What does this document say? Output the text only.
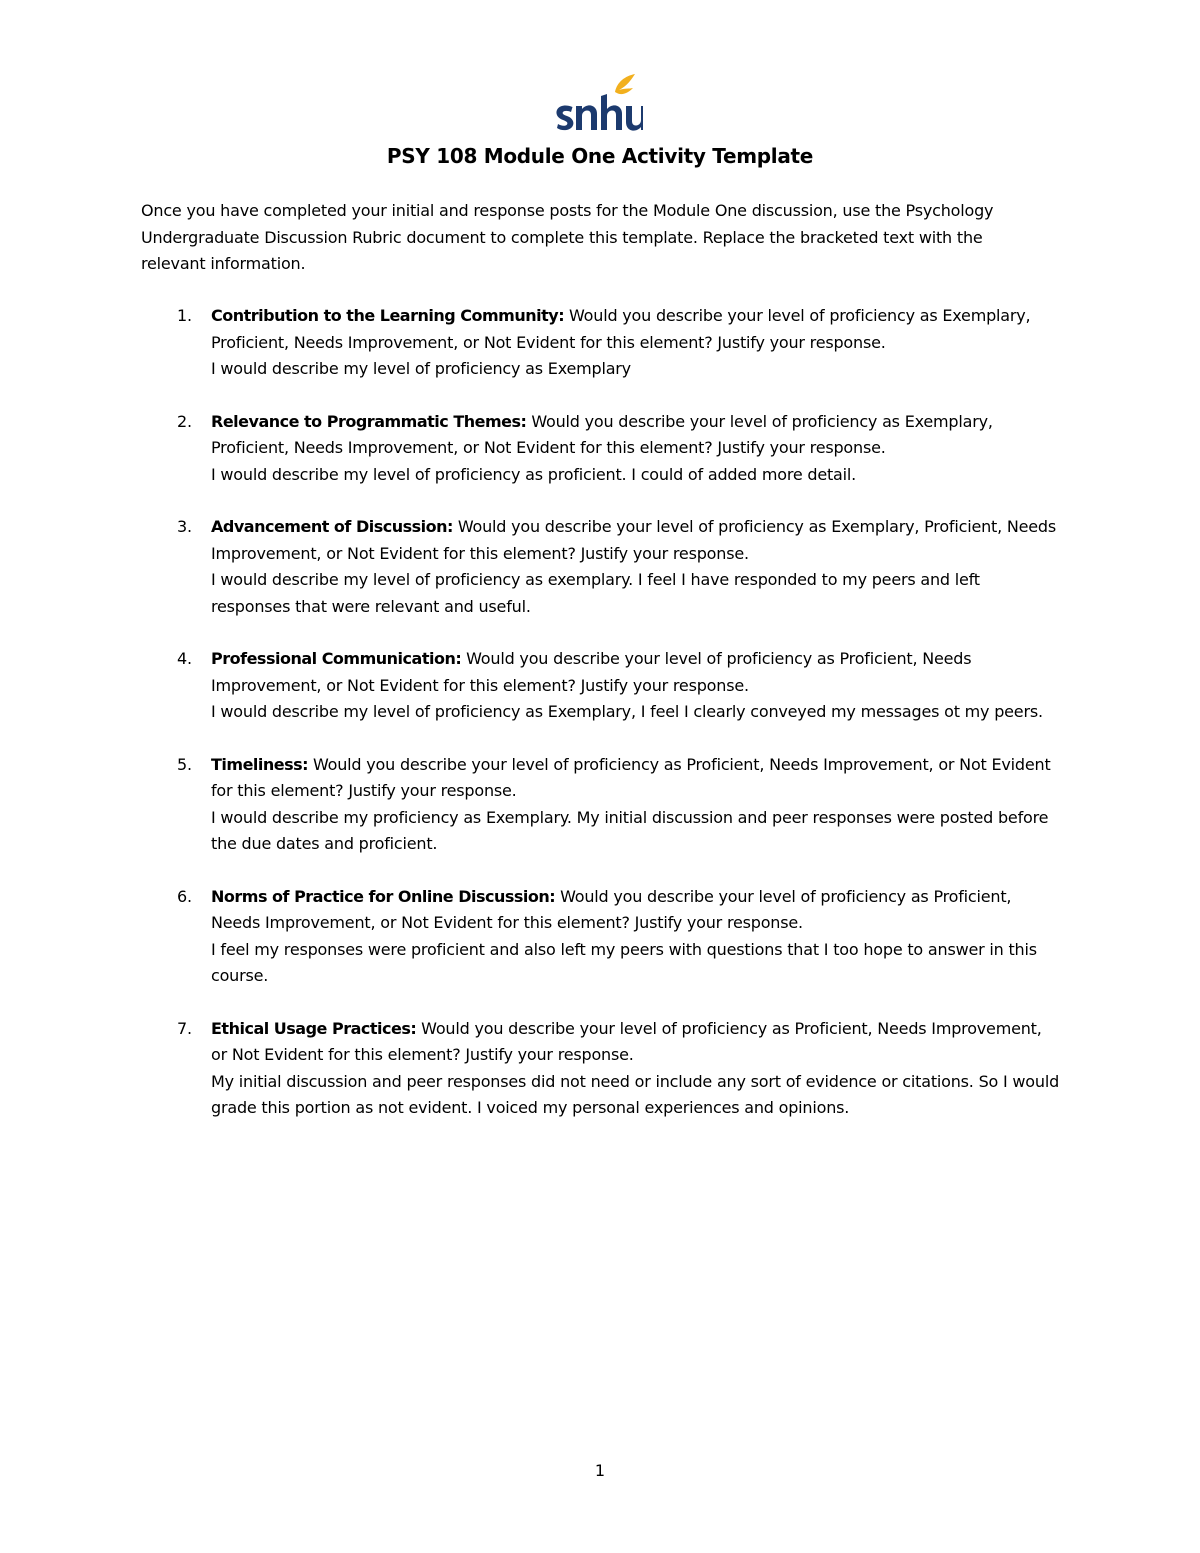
PSY 108 Module One Activity Template

Once you have completed your initial and response posts for the Module One discussion, use the Psychology Undergraduate Discussion Rubric document to complete this template. Replace the bracketed text with the relevant information.

1. Contribution to the Learning Community: Would you describe your level of proficiency as Exemplary, Proficient, Needs Improvement, or Not Evident for this element? Justify your response.
I would describe my level of proficiency as Exemplary
2. Relevance to Programmatic Themes: Would you describe your level of proficiency as Exemplary, Proficient, Needs Improvement, or Not Evident for this element? Justify your response.
I would describe my level of proficiency as proficient. I could of added more detail.
3. Advancement of Discussion: Would you describe your level of proficiency as Exemplary, Proficient, Needs Improvement, or Not Evident for this element? Justify your response.
I would describe my level of proficiency as exemplary. I feel I have responded to my peers and left responses that were relevant and useful.
4. Professional Communication: Would you describe your level of proficiency as Proficient, Needs Improvement, or Not Evident for this element? Justify your response.
I would describe my level of proficiency as Exemplary, I feel I clearly conveyed my messages ot my peers.
5. Timeliness: Would you describe your level of proficiency as Proficient, Needs Improvement, or Not Evident for this element? Justify your response.
I would describe my proficiency as Exemplary. My initial discussion and peer responses were posted before the due dates and proficient.
6. Norms of Practice for Online Discussion: Would you describe your level of proficiency as Proficient, Needs Improvement, or Not Evident for this element? Justify your response.
I feel my responses were proficient and also left my peers with questions that I too hope to answer in this course.
7. Ethical Usage Practices: Would you describe your level of proficiency as Proficient, Needs Improvement, or Not Evident for this element? Justify your response.
My initial discussion and peer responses did not need or include any sort of evidence or citations. So I would grade this portion as not evident. I voiced my personal experiences and opinions.
1
